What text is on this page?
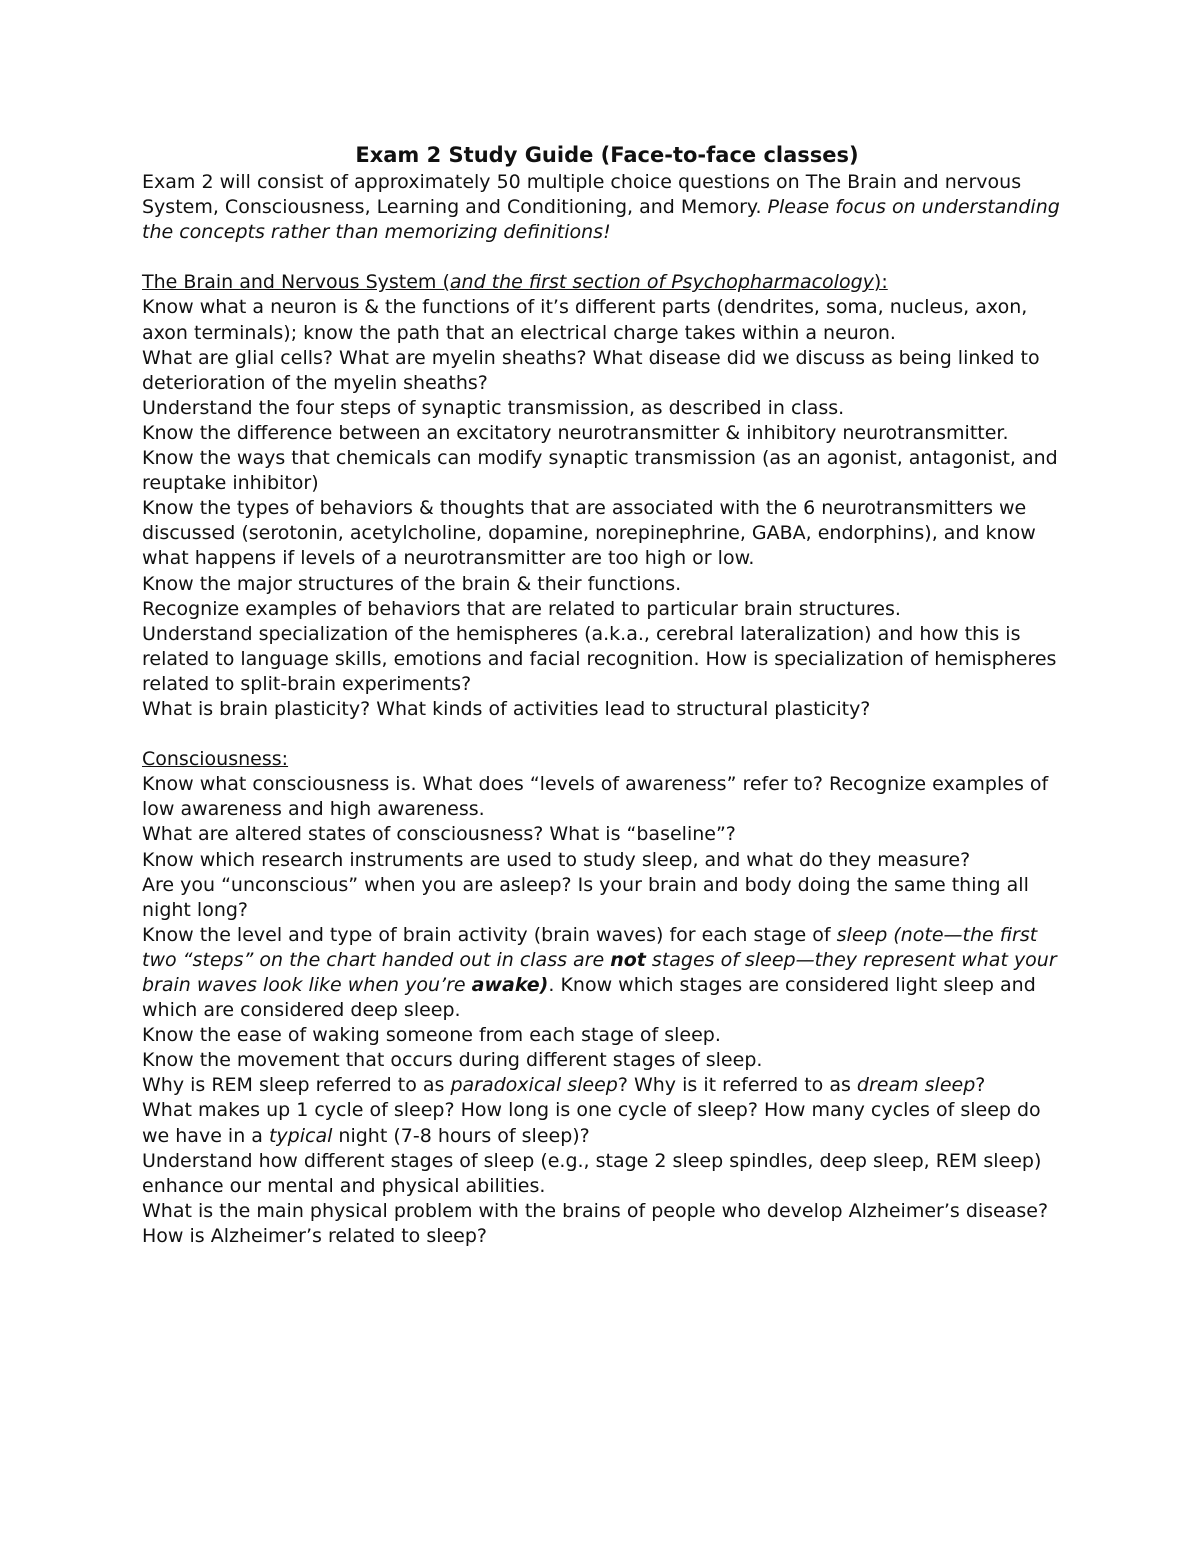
Exam 2 Study Guide (Face-to-face classes)

Exam 2 will consist of approximately 50 multiple choice questions on The Brain and nervous System, Consciousness, Learning and Conditioning, and Memory. Please focus on understanding the concepts rather than memorizing definitions!

The Brain and Nervous System (and the first section of Psychopharmacology):

Know what a neuron is & the functions of it’s different parts (dendrites, soma, nucleus, axon, axon terminals); know the path that an electrical charge takes within a neuron.

What are glial cells? What are myelin sheaths? What disease did we discuss as being linked to deterioration of the myelin sheaths?

Understand the four steps of synaptic transmission, as described in class.

Know the difference between an excitatory neurotransmitter & inhibitory neurotransmitter.

Know the ways that chemicals can modify synaptic transmission (as an agonist, antagonist, and reuptake inhibitor)

Know the types of behaviors & thoughts that are associated with the 6 neurotransmitters we discussed (serotonin, acetylcholine, dopamine, norepinephrine, GABA, endorphins), and know what happens if levels of a neurotransmitter are too high or low.

Know the major structures of the brain & their functions.

Recognize examples of behaviors that are related to particular brain structures.

Understand specialization of the hemispheres (a.k.a., cerebral lateralization) and how this is related to language skills, emotions and facial recognition. How is specialization of hemispheres related to split-brain experiments?

What is brain plasticity? What kinds of activities lead to structural plasticity?

Consciousness:

Know what consciousness is. What does “levels of awareness” refer to? Recognize examples of low awareness and high awareness.

What are altered states of consciousness? What is “baseline”?

Know which research instruments are used to study sleep, and what do they measure?

Are you “unconscious” when you are asleep? Is your brain and body doing the same thing all night long?

Know the level and type of brain activity (brain waves) for each stage of sleep (note—the first two “steps” on the chart handed out in class are not stages of sleep—they represent what your brain waves look like when you’re awake). Know which stages are considered light sleep and which are considered deep sleep.

Know the ease of waking someone from each stage of sleep.

Know the movement that occurs during different stages of sleep.

Why is REM sleep referred to as paradoxical sleep? Why is it referred to as dream sleep?

What makes up 1 cycle of sleep? How long is one cycle of sleep? How many cycles of sleep do we have in a typical night (7-8 hours of sleep)?

Understand how different stages of sleep (e.g., stage 2 sleep spindles, deep sleep, REM sleep) enhance our mental and physical abilities.

What is the main physical problem with the brains of people who develop Alzheimer’s disease? How is Alzheimer’s related to sleep?
